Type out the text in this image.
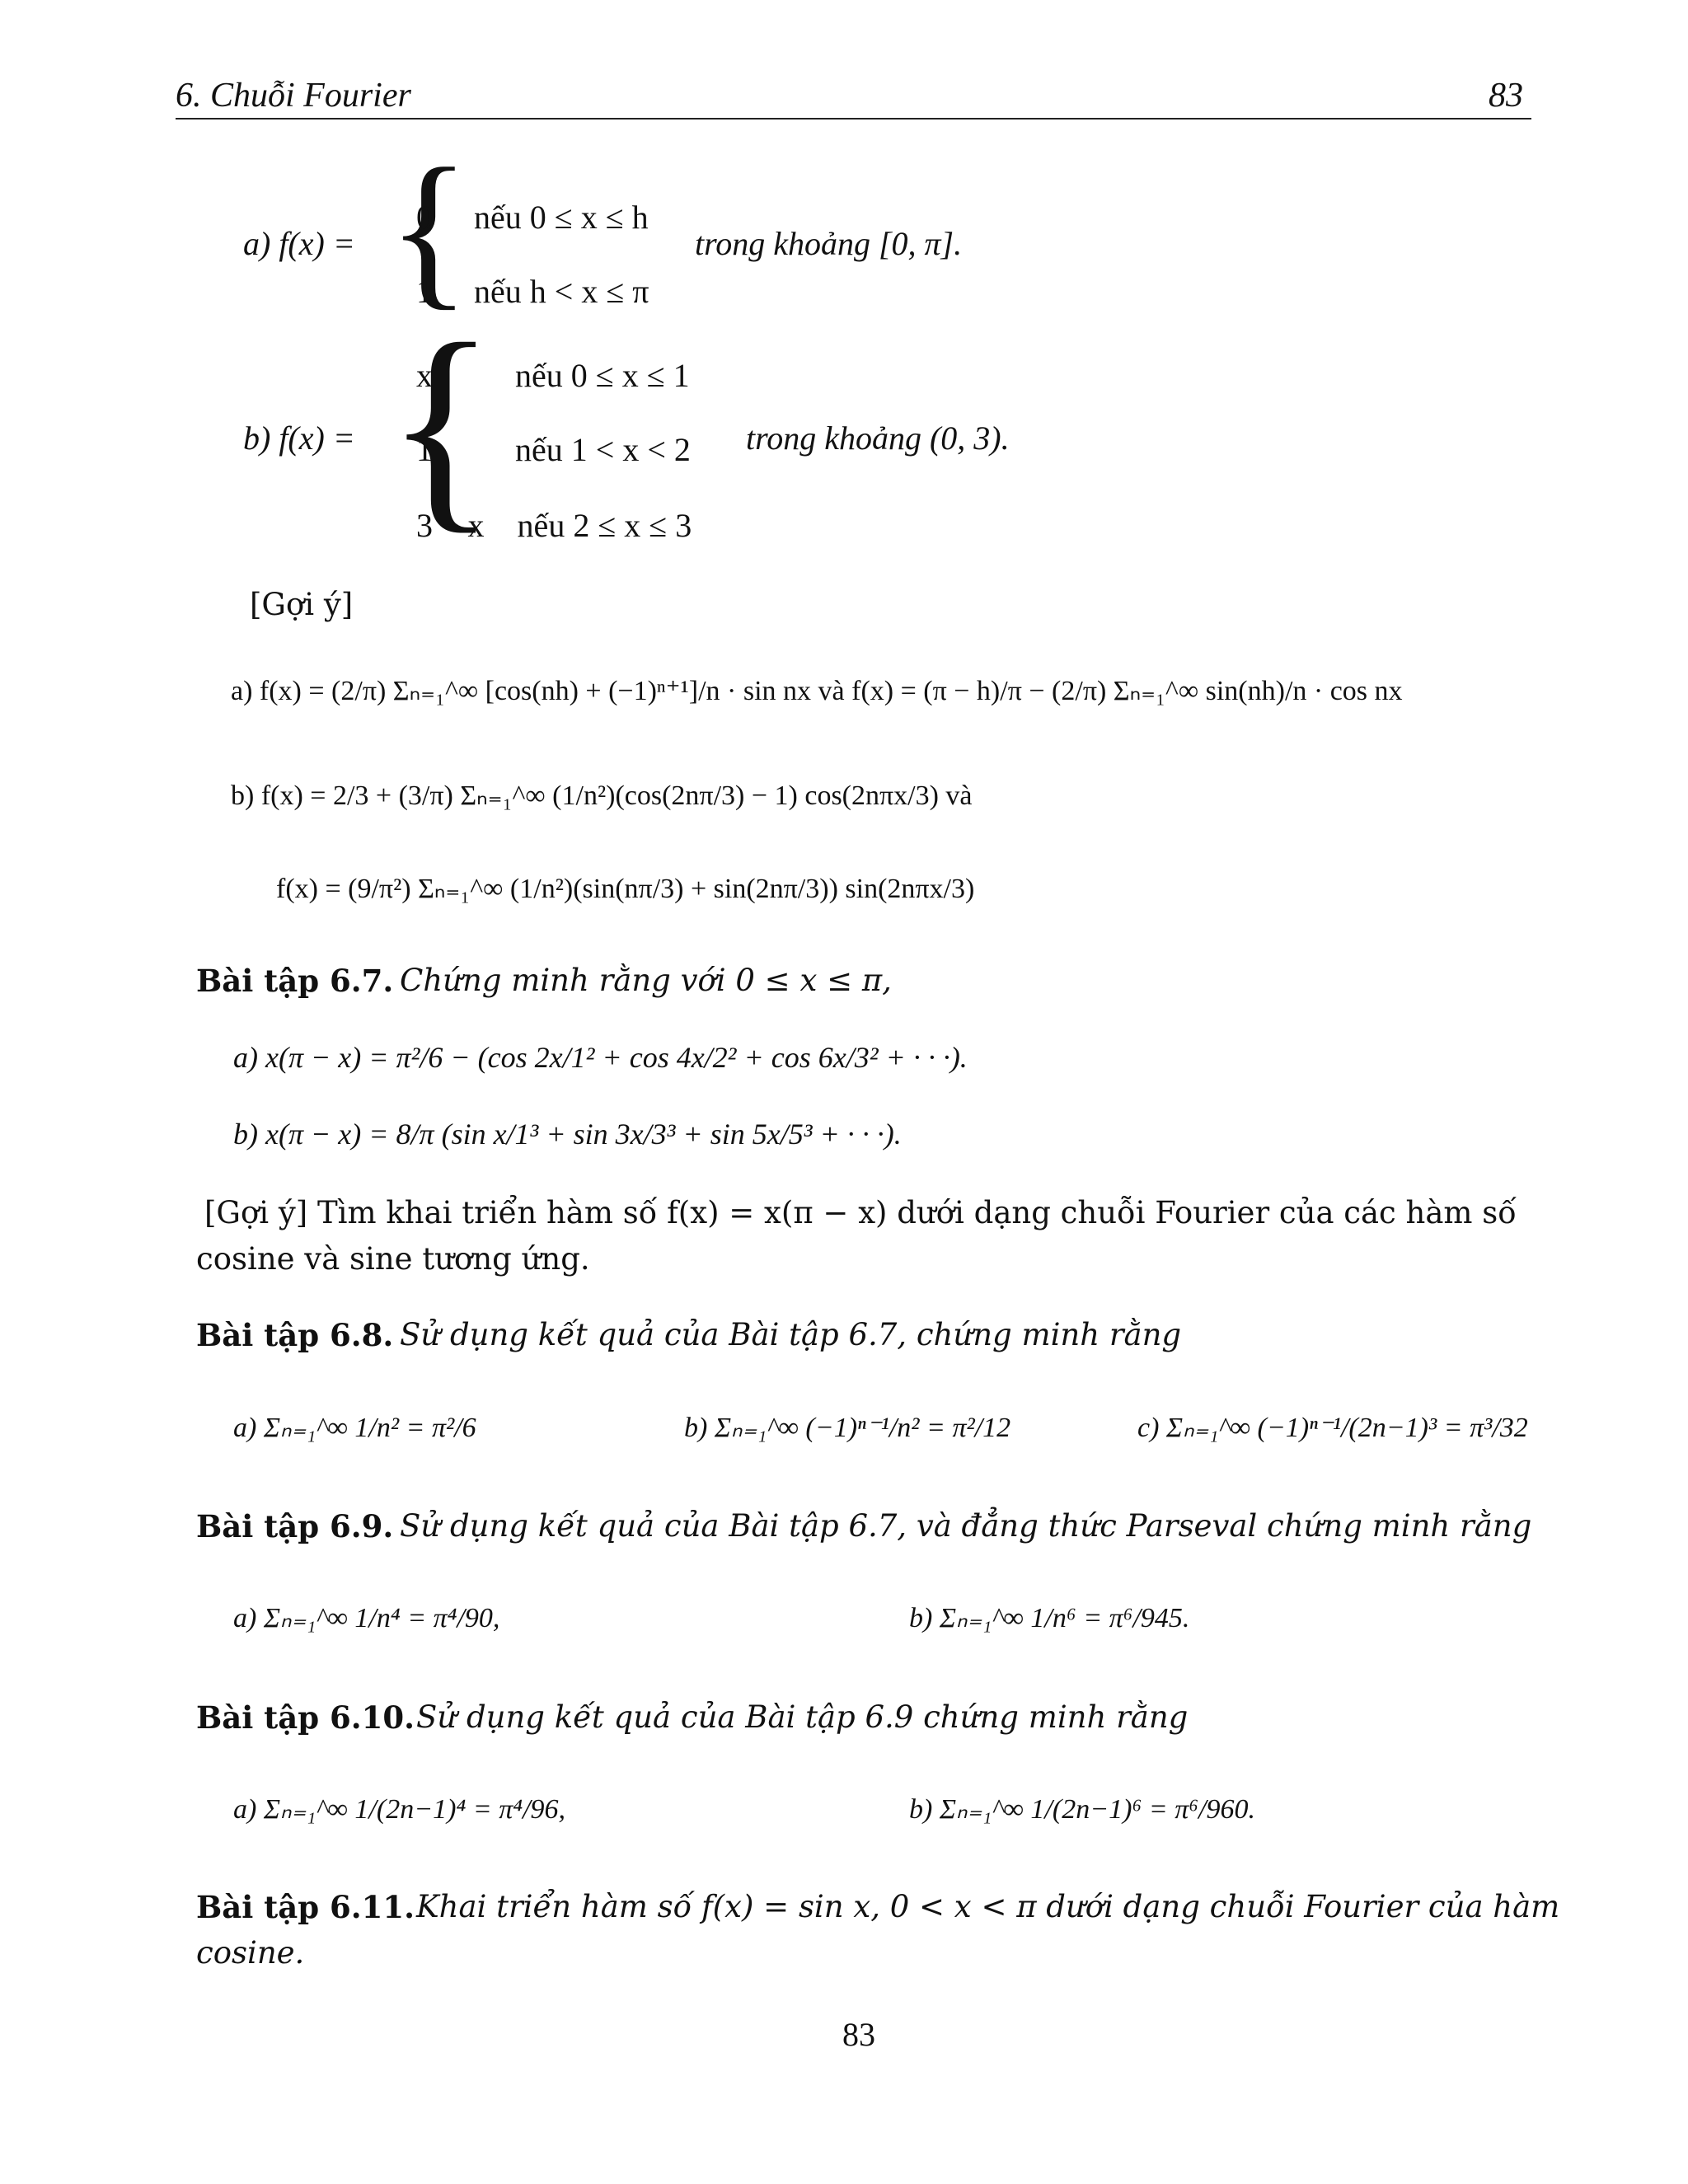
6. Chuỗi Fourier	83
a) f(x) = {
0     nếu 0 ≤ x ≤ h
1     nếu h < x ≤ π
trong khoảng [0, π].
b) f(x) = {
x          nếu 0 ≤ x ≤ 1
1          nếu 1 < x < 2
3 − x    nếu 2 ≤ x ≤ 3
trong khoảng (0, 3).
[Gợi ý]
a) f(x) = (2/π) Σₙ₌₁^∞ [cos(nh) + (−1)ⁿ⁺¹]/n · sin nx và f(x) = (π − h)/π − (2/π) Σₙ₌₁^∞ sin(nh)/n · cos nx
b) f(x) = 2/3 + (3/π) Σₙ₌₁^∞ (1/n²)(cos(2nπ/3) − 1) cos(2nπx/3) và
f(x) = (9/π²) Σₙ₌₁^∞ (1/n²)(sin(nπ/3) + sin(2nπ/3)) sin(2nπx/3)
Bài tập 6.7. Chứng minh rằng với 0 ≤ x ≤ π,
a) x(π − x) = π²/6 − (cos 2x/1² + cos 4x/2² + cos 6x/3² + · · ·).
b) x(π − x) = 8/π (sin x/1³ + sin 3x/3³ + sin 5x/5³ + · · ·).
[Gợi ý] Tìm khai triển hàm số f(x) = x(π − x) dưới dạng chuỗi Fourier của các hàm số
cosine và sine tương ứng.
Bài tập 6.8. Sử dụng kết quả của Bài tập 6.7, chứng minh rằng
a) Σₙ₌₁^∞ 1/n² = π²/6	b) Σₙ₌₁^∞ (−1)ⁿ⁻¹/n² = π²/12	c) Σₙ₌₁^∞ (−1)ⁿ⁻¹/(2n−1)³ = π³/32
Bài tập 6.9. Sử dụng kết quả của Bài tập 6.7, và đẳng thức Parseval chứng minh rằng
a) Σₙ₌₁^∞ 1/n⁴ = π⁴/90,	b) Σₙ₌₁^∞ 1/n⁶ = π⁶/945.
Bài tập 6.10. Sử dụng kết quả của Bài tập 6.9 chứng minh rằng
a) Σₙ₌₁^∞ 1/(2n−1)⁴ = π⁴/96,	b) Σₙ₌₁^∞ 1/(2n−1)⁶ = π⁶/960.
Bài tập 6.11. Khai triển hàm số f(x) = sin x, 0 < x < π dưới dạng chuỗi Fourier của hàm
cosine.
83
